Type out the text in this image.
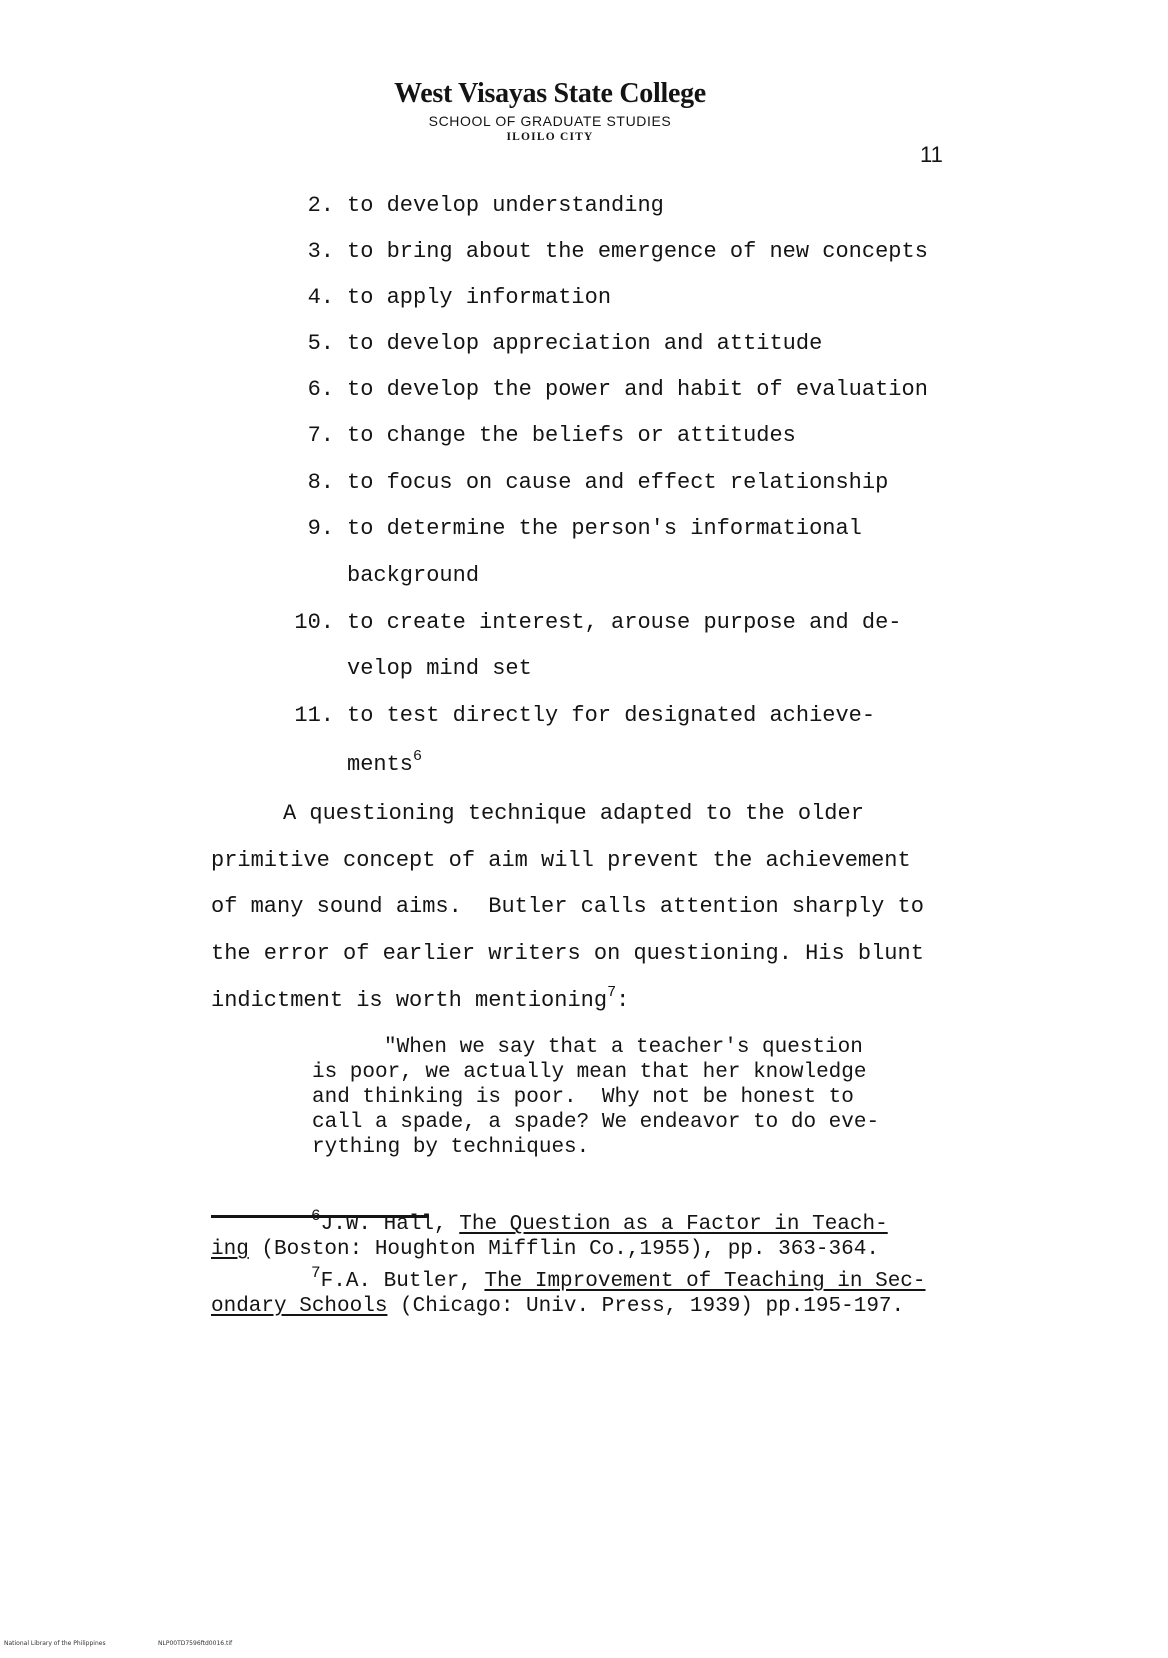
West Visayas State College
SCHOOL OF GRADUATE STUDIES
ILOILO CITY
11
2. to develop understanding
3. to bring about the emergence of new concepts
4. to apply information
5. to develop appreciation and attitude
6. to develop the power and habit of evaluation
7. to change the beliefs or attitudes
8. to focus on cause and effect relationship
9. to determine the person's informational
background
10. to create interest, arouse purpose and de-
velop mind set
11. to test directly for designated achieve-
ments$^6$
A questioning technique adapted to the older
primitive concept of aim will prevent the achievement
of many sound aims.  Butler calls attention sharply to
the error of earlier writers on questioning. His blunt
indictment is worth mentioning$^7$:
"When we say that a teacher's question
is poor, we actually mean that her knowledge
and thinking is poor.  Why not be honest to
call a spade, a spade? We endeavor to do eve-
rything by techniques.
$^6$J.W. Hall, The Question as a Factor in Teach-
ing (Boston: Houghton Mifflin Co.,1955), pp. 363-364.
$^7$F.A. Butler, The Improvement of Teaching in Sec-
ondary Schools (Chicago: Univ. Press, 1939) pp.195-197.
National Library of the Philippines	NLP00TD7596ftd0016.tif
